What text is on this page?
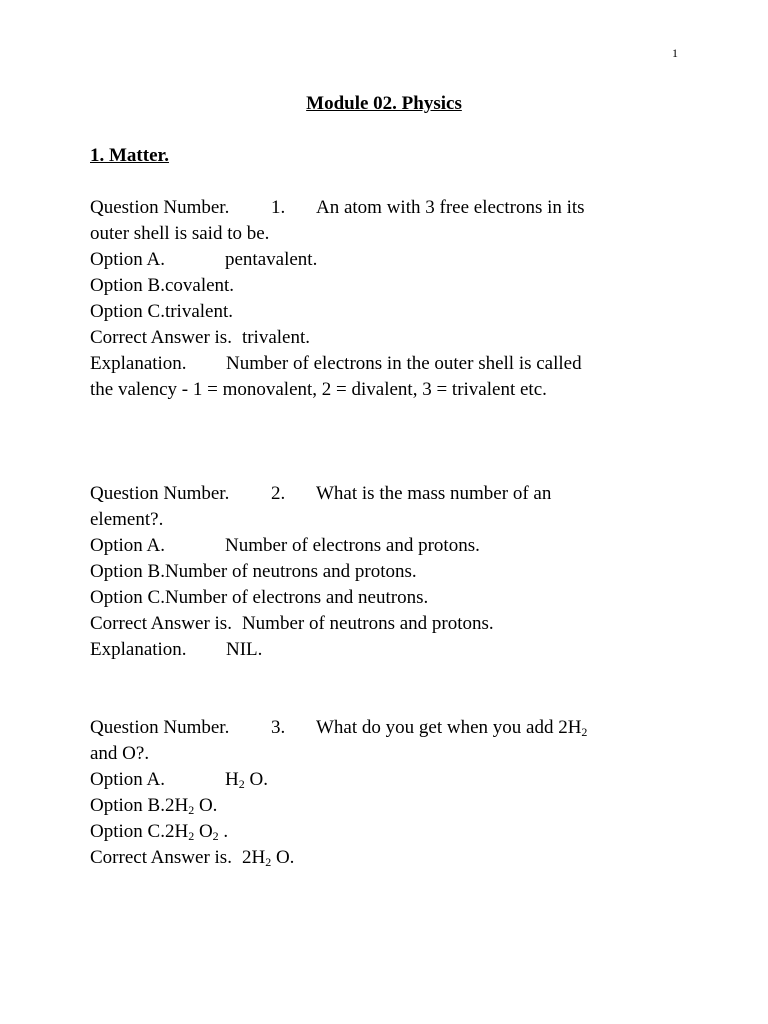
1
Module 02. Physics
1. Matter.
Question Number. 1. An atom with 3 free electrons in its
outer shell is said to be.
Option A.	pentavalent.
Option B.covalent.
Option C.trivalent.
Correct Answer is. trivalent.
Explanation. Number of electrons in the outer shell is called
the valency - 1 = monovalent, 2 = divalent, 3 = trivalent etc.
Question Number. 2. What is the mass number of an
element?.
Option A.	Number of electrons and protons.
Option B.Number of neutrons and protons.
Option C.Number of electrons and neutrons.
Correct Answer is. Number of neutrons and protons.
Explanation. NIL.
Question Number. 3. What do you get when you add $2H_2$
and O?.
Option A.	$H_2$ O.
Option $B.2H_2$ O.
Option $C.2H_2$ $O_2$ .
Correct Answer is. $2H_2$ O.
